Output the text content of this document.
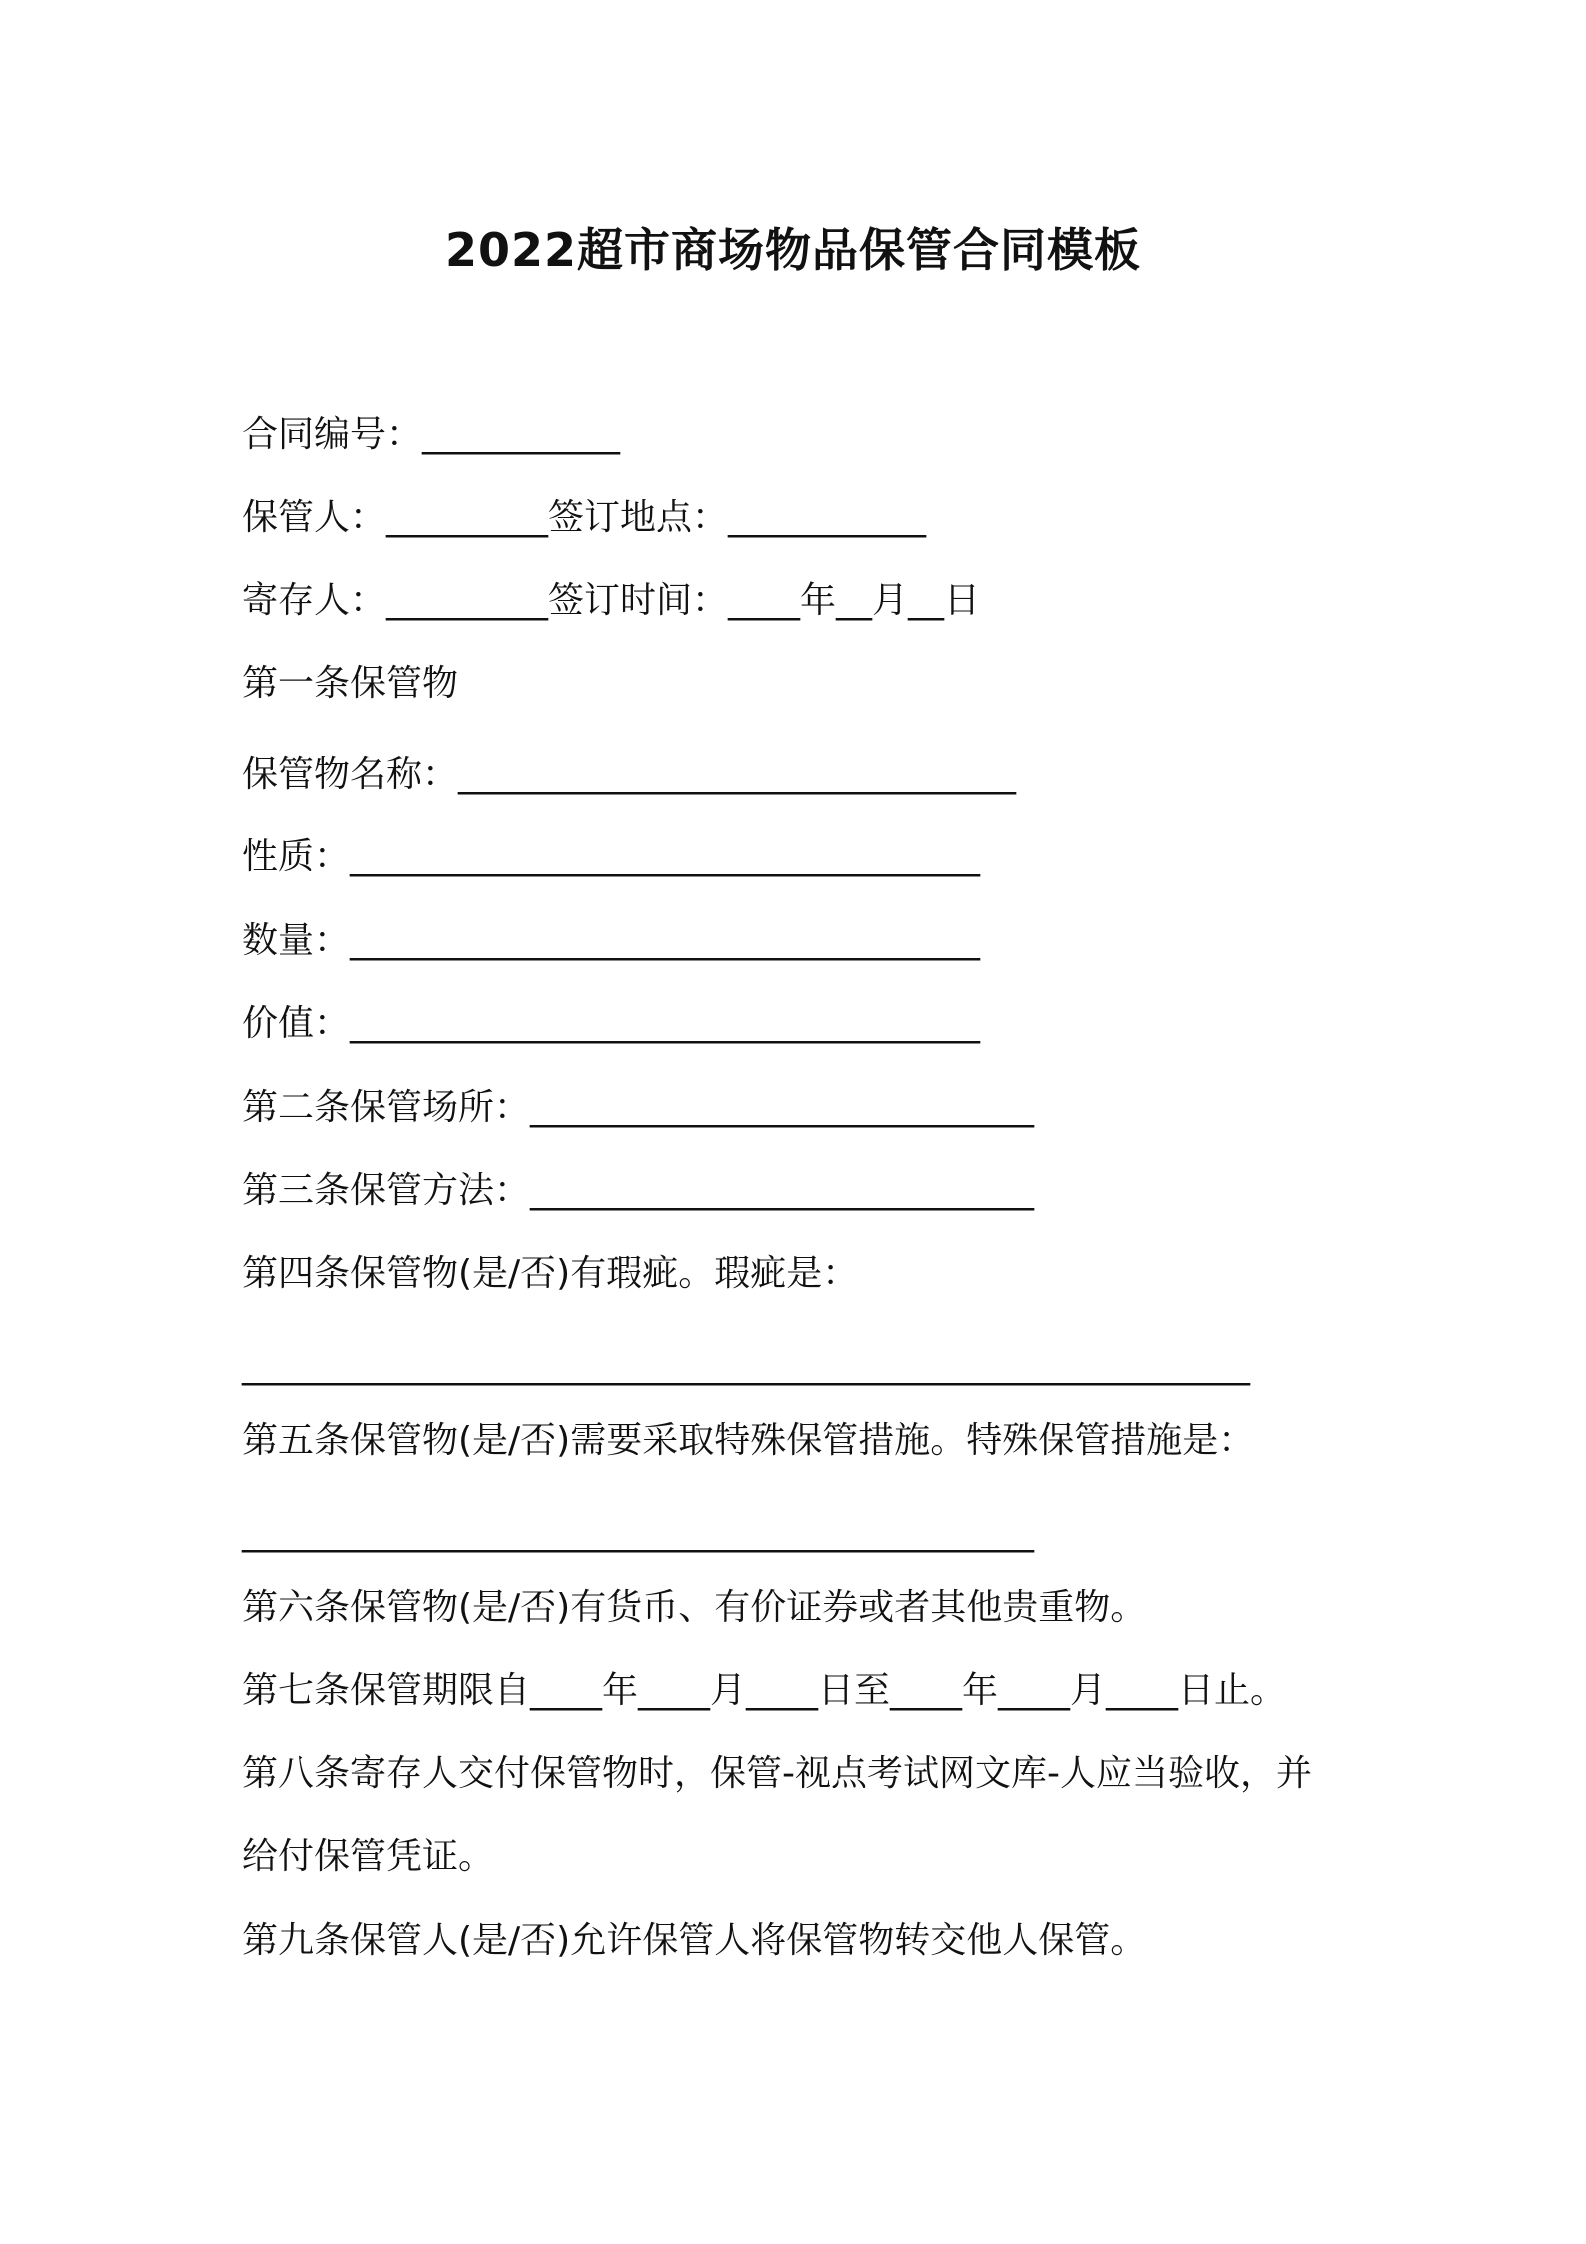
2022超市商场物品保管合同模板
合同编号：___________
保管人：_________签订地点：___________
寄存人：_________签订时间：____年__月__日
第一条保管物
保管物名称：_______________________________
性质：___________________________________
数量：___________________________________
价值：___________________________________
第二条保管场所：____________________________
第三条保管方法：____________________________
第四条保管物(是/否)有瑕疵。瑕疵是：
________________________________________________________
第五条保管物(是/否)需要采取特殊保管措施。特殊保管措施是：
____________________________________________
第六条保管物(是/否)有货币、有价证券或者其他贵重物。
第七条保管期限自____年____月____日至____年____月____日止。
第八条寄存人交付保管物时，保管-视点考试网文库-人应当验收，并
给付保管凭证。
第九条保管人(是/否)允许保管人将保管物转交他人保管。
